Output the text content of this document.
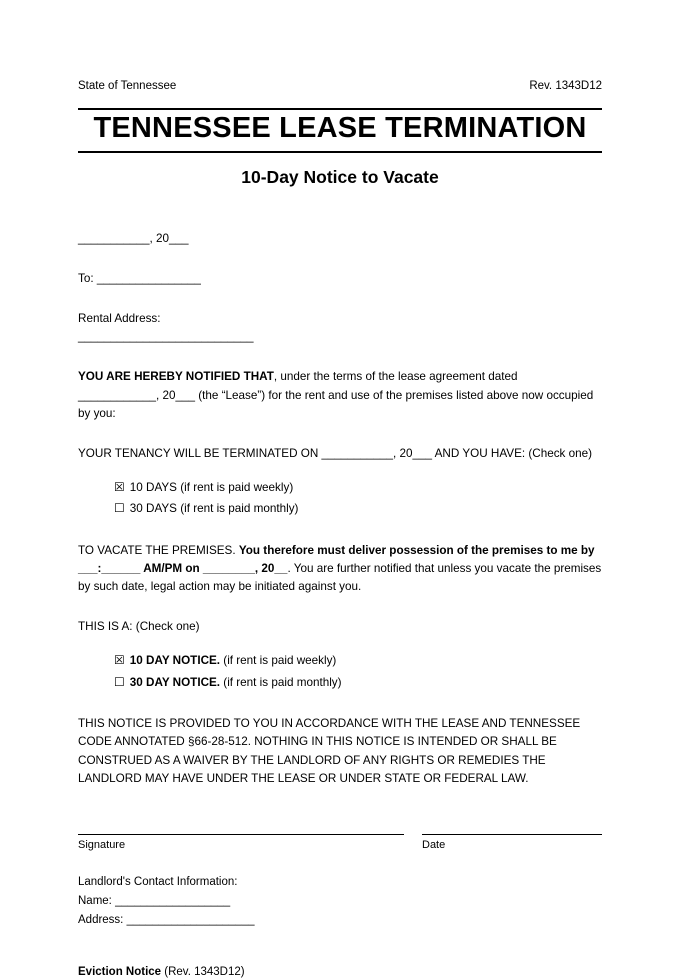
State of Tennessee	Rev. 1343D12
TENNESSEE LEASE TERMINATION
10-Day Notice to Vacate
___________, 20___
To: ________________
Rental Address:
___________________________
YOU ARE HEREBY NOTIFIED THAT, under the terms of the lease agreement dated ____________, 20___ (the “Lease”) for the rent and use of the premises listed above now occupied by you:
YOUR TENANCY WILL BE TERMINATED ON ___________, 20___ AND YOU HAVE: (Check one)
☒ 10 DAYS (if rent is paid weekly)
☐ 30 DAYS (if rent is paid monthly)
TO VACATE THE PREMISES. You therefore must deliver possession of the premises to me by ___:______ AM/PM on ________, 20__. You are further notified that unless you vacate the premises by such date, legal action may be initiated against you.
THIS IS A: (Check one)
☒ 10 DAY NOTICE. (if rent is paid weekly)
☐ 30 DAY NOTICE. (if rent is paid monthly)
THIS NOTICE IS PROVIDED TO YOU IN ACCORDANCE WITH THE LEASE AND TENNESSEE CODE ANNOTATED §66-28-512. NOTHING IN THIS NOTICE IS INTENDED OR SHALL BE CONSTRUED AS A WAIVER BY THE LANDLORD OF ANY RIGHTS OR REMEDIES THE LANDLORD MAY HAVE UNDER THE LEASE OR UNDER STATE OR FEDERAL LAW.
Signature	Date
Landlord's Contact Information:
Name: __________________
Address: ____________________
Eviction Notice (Rev. 1343D12)
